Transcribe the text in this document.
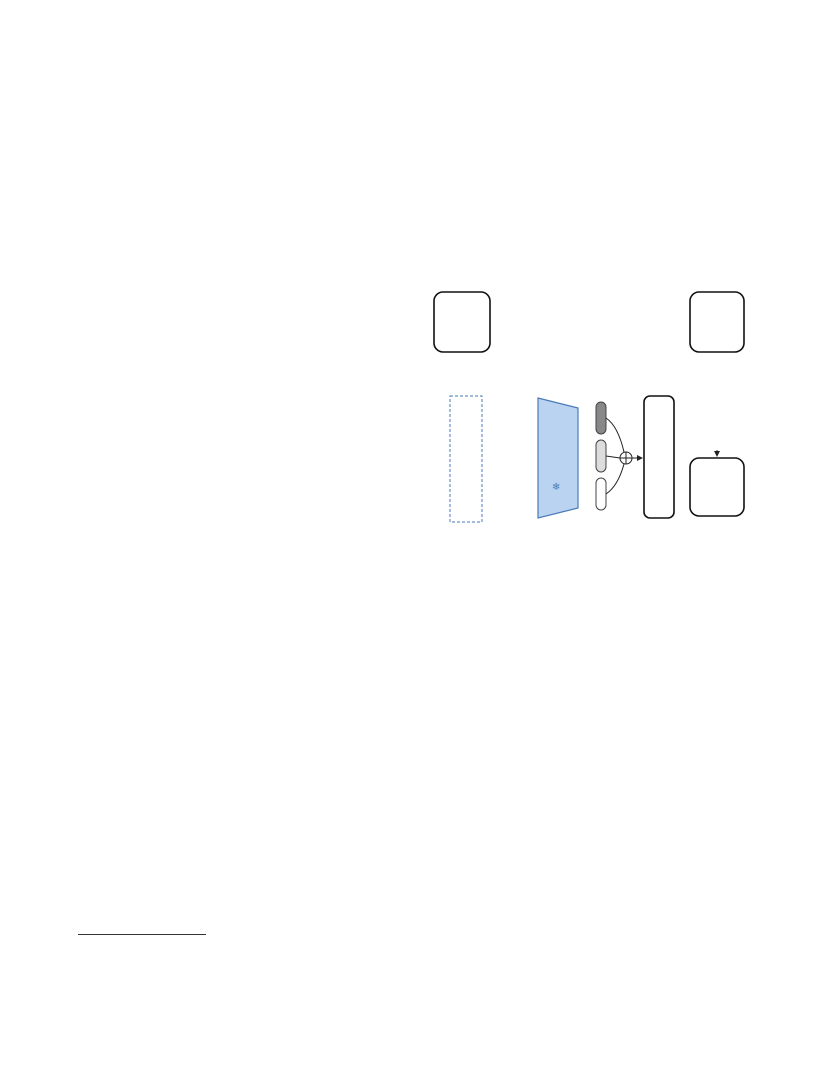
❄
